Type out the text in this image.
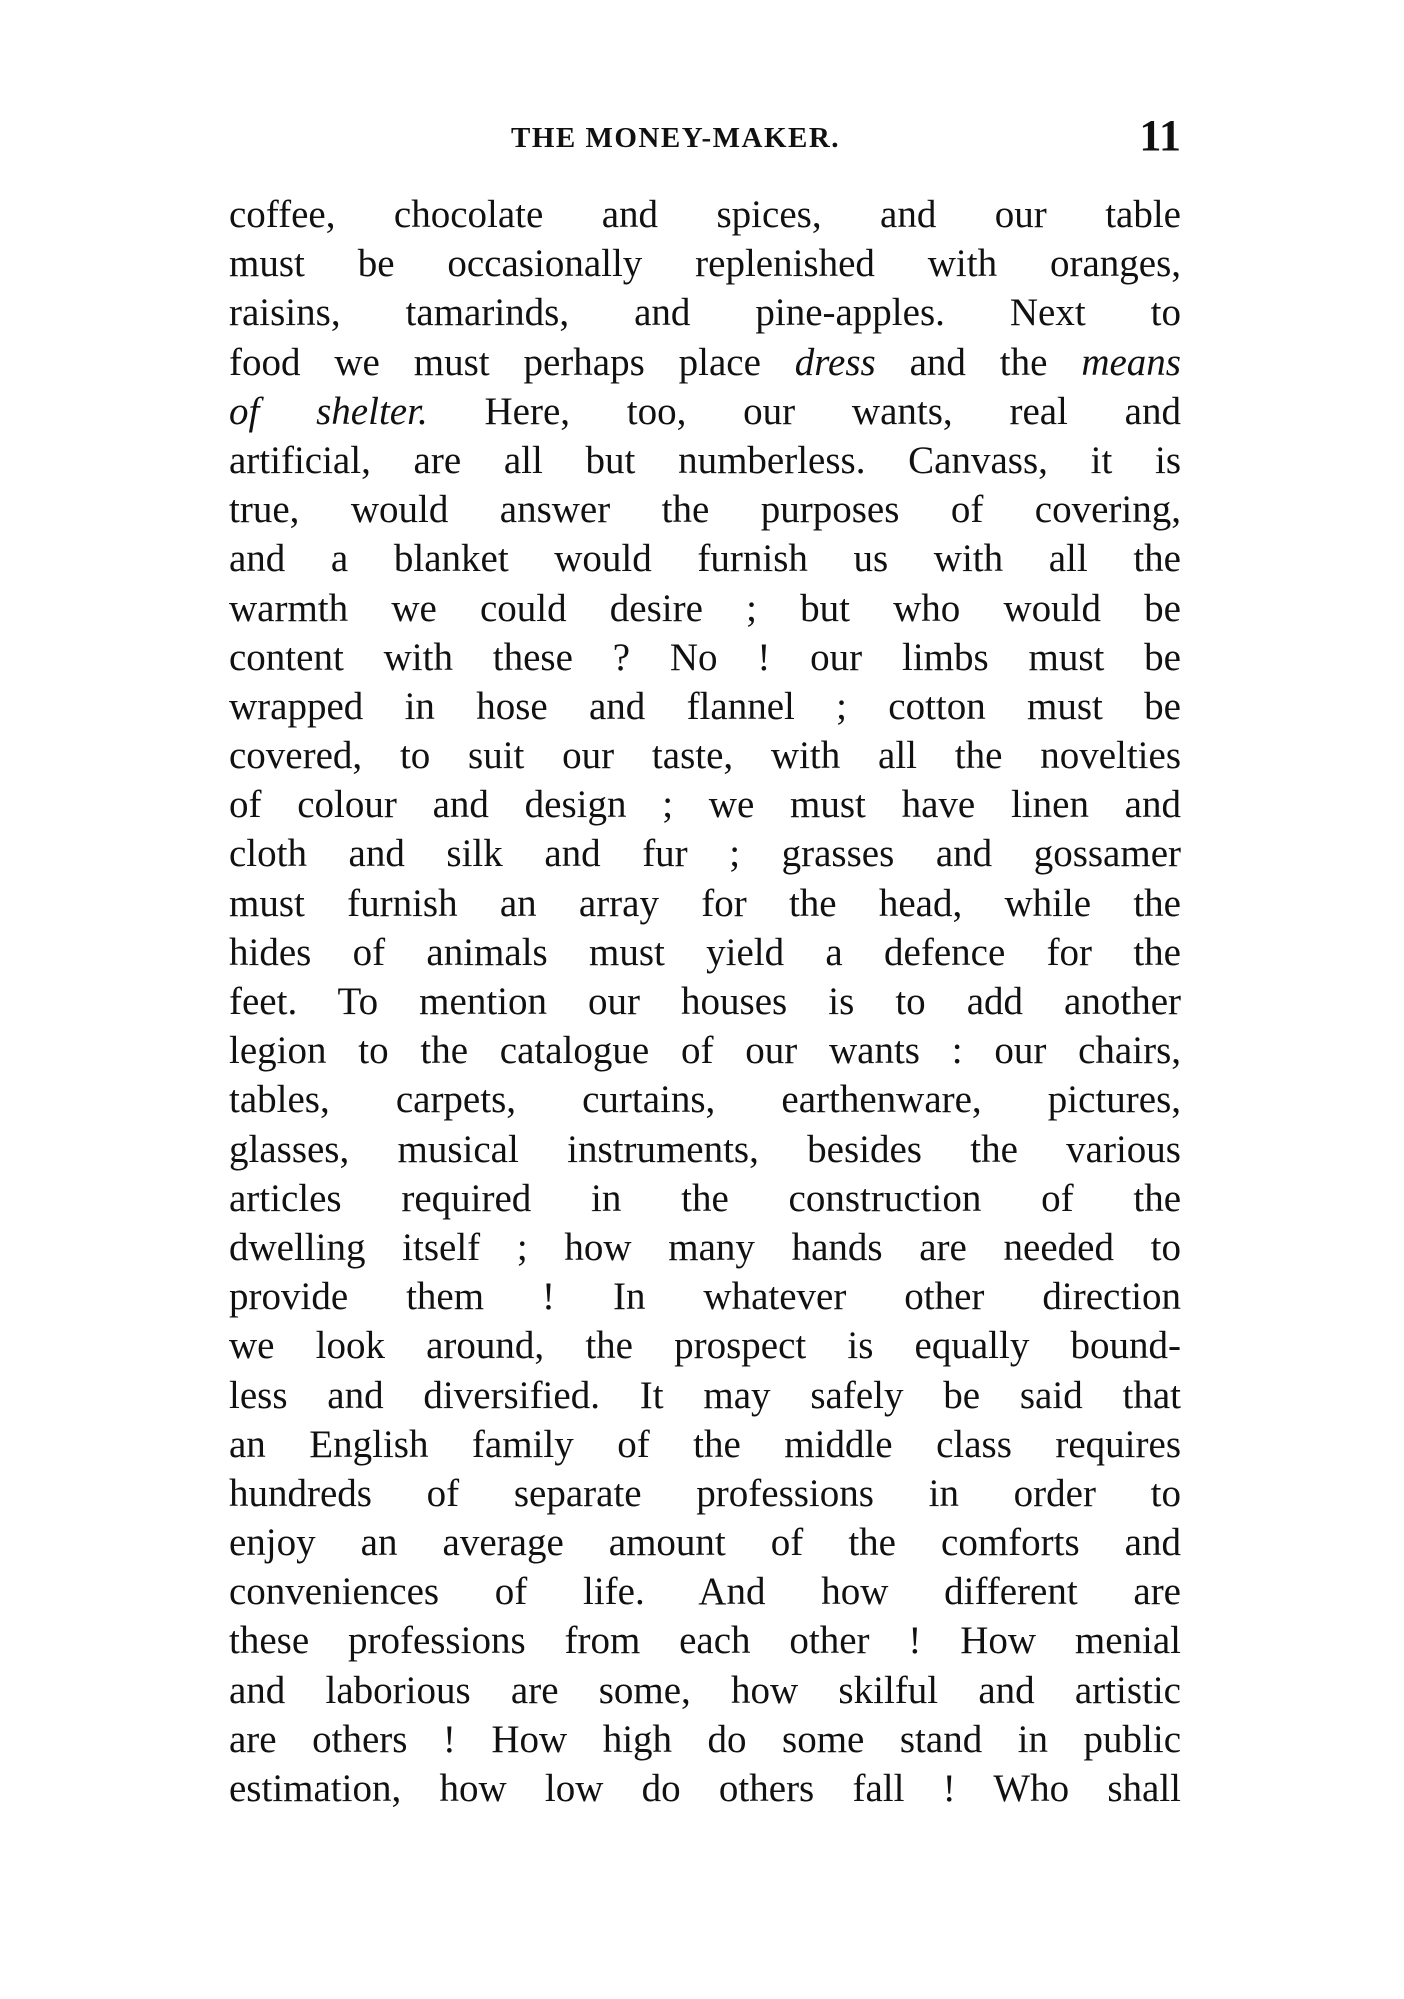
THE MONEY-MAKER.	11
coffee, chocolate and spices, and our table
must be occasionally replenished with oranges,
raisins, tamarinds, and pine-apples. Next to
food we must perhaps place dress and the means
of shelter. Here, too, our wants, real and
artificial, are all but numberless. Canvass, it is
true, would answer the purposes of covering,
and a blanket would furnish us with all the
warmth we could desire ; but who would be
content with these ? No ! our limbs must be
wrapped in hose and flannel ; cotton must be
covered, to suit our taste, with all the novelties
of colour and design ; we must have linen and
cloth and silk and fur ; grasses and gossamer
must furnish an array for the head, while the
hides of animals must yield a defence for the
feet. To mention our houses is to add another
legion to the catalogue of our wants : our chairs,
tables, carpets, curtains, earthenware, pictures,
glasses, musical instruments, besides the various
articles required in the construction of the
dwelling itself ; how many hands are needed to
provide them ! In whatever other direction
we look around, the prospect is equally bound-
less and diversified. It may safely be said that
an English family of the middle class requires
hundreds of separate professions in order to
enjoy an average amount of the comforts and
conveniences of life. And how different are
these professions from each other ! How menial
and laborious are some, how skilful and artistic
are others ! How high do some stand in public
estimation, how low do others fall ! Who shall
